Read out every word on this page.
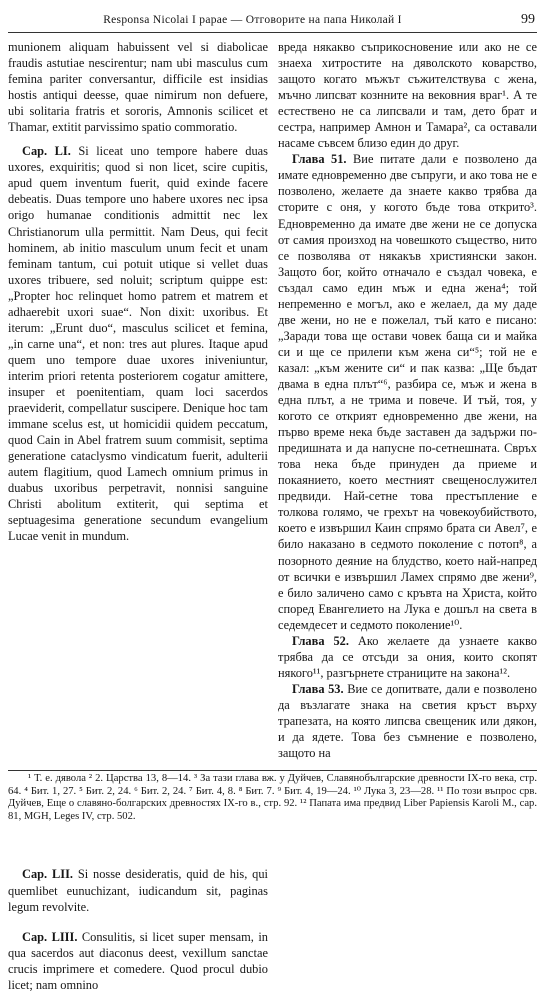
Responsa Nicolai I papae — Отговорите на папа Николай I	99

munionem aliquam habuissent vel si diabolicae fraudis astutiae nescirentur; nam ubi masculus cum femina pariter conversantur, difficile est insidias hostis antiqui deesse, quae nimirum non defuere, ubi solitaria fratris et sororis, Amnonis scilicet et Thamar, extitit parvissimo spatio commoratio.

Cap. LI. Si liceat uno tempore habere duas uxores, exquiritis; quod si non licet, scire cupitis, apud quem inventum fuerit, quid exinde facere debeatis. Duas tempore uno habere uxores nec ipsa origo humanae conditionis admittit nec lex Christianorum ulla permittit. Nam Deus, qui fecit hominem, ab initio masculum unum fecit et unam feminam tantum, cui potuit utique si vellet duas uxores tribuere, sed noluit; scriptum quippe est: „Propter hoc relinquet homo patrem et matrem et adhaerebit uxori suae“. Non dixit: uxoribus. Et iterum: „Erunt duo“, masculus scilicet et femina, „in carne una“, et non: tres aut plures. Itaque apud quem uno tempore duae uxores iniveniuntur, interim priori retenta posteriorem cogatur amittere, insuper et poenitentiam, quam loci sacerdos praeviderit, compellatur suscipere. Denique hoc tam immane scelus est, ut homicidii quidem peccatum, quod Cain in Abel fratrem suum commisit, septima generatione cataclysmo vindicatum fuerit, adulterii autem flagitium, quod Lamech omnium primus in duabus uxoribus perpetravit, nonnisi sanguine Christi abolitum extiterit, qui septima et septuagesima generatione secundum evangelium Lucae venit in mundum.

Cap. LII. Si nosse desideratis, quid de his, qui quemlibet eunuchizant, iudicandum sit, paginas legum revolvite.

Cap. LIII. Consulitis, si licet super mensam, in qua sacerdos aut diaconus deest, vexillum sanctae crucis imprimere et comedere. Quod procul dubio licet; nam omnino

вреда някакво съприкосновение или ако не се знаеха хитростите на дяволското коварство, защото когато мъжът съжителствува с жена, мъчно липсват кознните на вековния враг¹. А те естествено не са липсвали и там, дето брат и сестра, например Амнон и Тамара², са оставали насаме съвсем близо един до друг.

Глава 51. Вие питате дали е позволено да имате едновременно две съпруги, и ако това не е позволено, желаете да знаете какво трябва да сторите с оня, у когото бъде това открито³. Едновременно да имате две жени не се допуска от самия произход на човешкото същество, нито се позволява от някакъв християнски закон. Защото бог, който отначало е създал човека, е създал само един мъж и една жена⁴; той непременно е могъл, ако е желаел, да му даде две жени, но не е пожелал, тъй като е писано: „Заради това ще остави човек баща си и майка си и ще се прилепи към жена си“⁵; той не е казал: „към жените си“ и пак казва: „Ще бъдат двама в една плът“⁶, разбира се, мъж и жена в една плът, а не трима и повече. И тъй, тоя, у когото се открият едновременно две жени, на първо време нека бъде заставен да задържи по-предишната и да напусне по-сетнешната. Свръх това нека бъде принуден да приеме и покаянието, което местният свещенослужител предвиди. Най-сетне това престъпление е толкова голямо, че грехът на човекоубийството, което е извършил Каин спрямо брата си Авел⁷, е било наказано в седмото поколение с потоп⁸, а позорното деяние на блудство, което най-напред от всички е извършил Ламех спрямо две жени⁹, е било заличено само с кръвта на Христа, който според Евангелието на Лука е дошъл на света в седемдесет и седмото поколение¹⁰.

Глава 52. Ако желаете да узнаете какво трябва да се отсъди за ония, които скопят някого¹¹, разгърнете страниците на закона¹².

Глава 53. Вие се допитвате, дали е позволено да възлагате знака на светия кръст върху трапезата, на която липсва свещеник или дякон, и да ядете. Това без съмнение е позволено, защото на

¹ Т. е. дявола ² 2. Царства 13, 8—14. ³ За тази глава вж. у Дуйчев, Славянобългарские древности IX-го века, стр. 64. ⁴ Бит. 1, 27. ⁵ Бит. 2, 24. ⁶ Бит. 2, 24. ⁷ Бит. 4, 8. ⁸ Бит. 7. ⁹ Бит. 4, 19—24. ¹⁰ Лука 3, 23—28. ¹¹ По този въпрос срв. Дуйчев, Еще о славяно-болгарских древностях IX-го в., стр. 92. ¹² Папата има предвид Liber Papiensis Karoli M., cap. 81, MGH, Leges IV, стр. 502.
